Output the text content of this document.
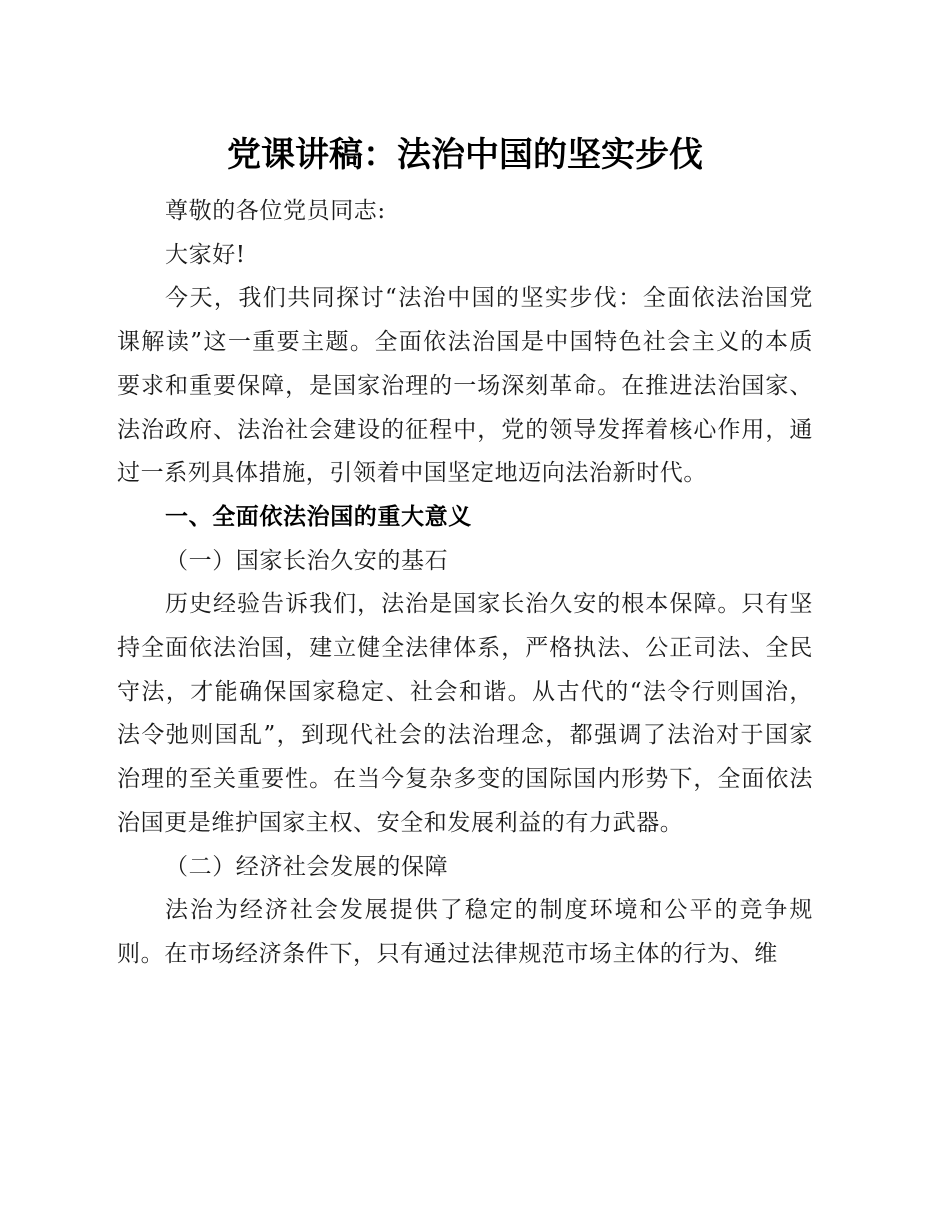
党课讲稿：法治中国的坚实步伐

尊敬的各位党员同志:

大家好!

今天，我们共同探讨“法治中国的坚实步伐：全面依法治国党课解读”这一重要主题。全面依法治国是中国特色社会主义的本质要求和重要保障，是国家治理的一场深刻革命。在推进法治国家、法治政府、法治社会建设的征程中，党的领导发挥着核心作用，通过一系列具体措施，引领着中国坚定地迈向法治新时代。

一、全面依法治国的重大意义

（一）国家长治久安的基石

历史经验告诉我们，法治是国家长治久安的根本保障。只有坚持全面依法治国，建立健全法律体系，严格执法、公正司法、全民守法，才能确保国家稳定、社会和谐。从古代的“法令行则国治，法令弛则国乱”，到现代社会的法治理念，都强调了法治对于国家治理的至关重要性。在当今复杂多变的国际国内形势下，全面依法治国更是维护国家主权、安全和发展利益的有力武器。

（二）经济社会发展的保障

法治为经济社会发展提供了稳定的制度环境和公平的竞争规则。在市场经济条件下，只有通过法律规范市场主体的行为、维
